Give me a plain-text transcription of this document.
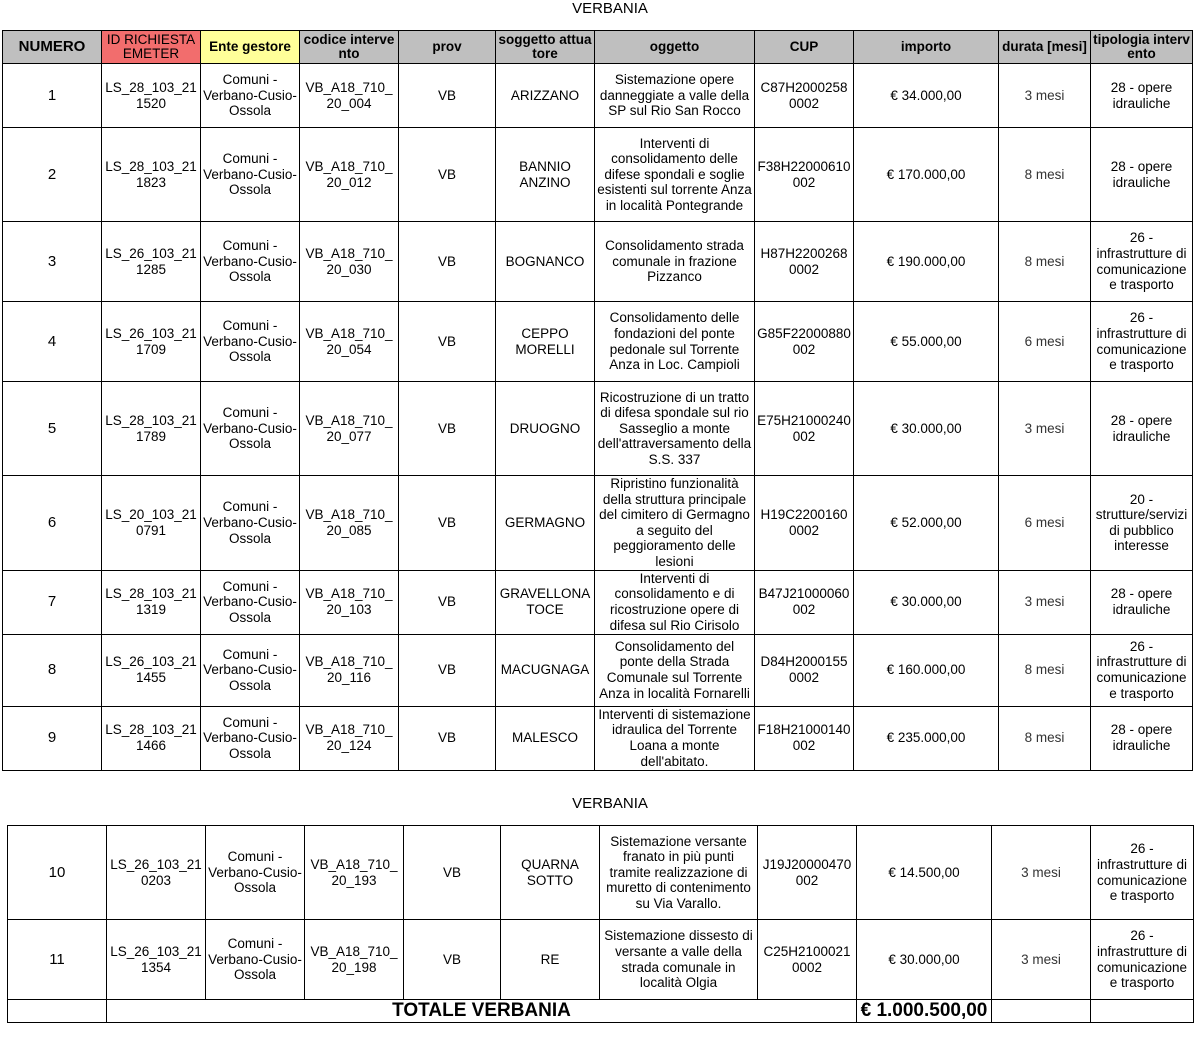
VERBANIA
NUMERO	ID RICHIESTA EMETER	Ente gestore	codice intervento	prov	soggetto attuatore	oggetto	CUP	importo	durata [mesi]	tipologia intervento
1	LS_28_103_211520	Comuni - Verbano-Cusio-Ossola	VB_A18_710_20_004	VB	ARIZZANO	Sistemazione opere danneggiate a valle della SP sul Rio San Rocco	C87H20002580002	€ 34.000,00	3 mesi	28 - opere idrauliche
2	LS_28_103_211823	Comuni - Verbano-Cusio-Ossola	VB_A18_710_20_012	VB	BANNIO ANZINO	Interventi di consolidamento delle difese spondali e soglie esistenti sul torrente Anza in località Pontegrande	F38H22000610002	€ 170.000,00	8 mesi	28 - opere idrauliche
3	LS_26_103_211285	Comuni - Verbano-Cusio-Ossola	VB_A18_710_20_030	VB	BOGNANCO	Consolidamento strada comunale in frazione Pizzanco	H87H22002680002	€ 190.000,00	8 mesi	26 - infrastrutture di comunicazione e trasporto
4	LS_26_103_211709	Comuni - Verbano-Cusio-Ossola	VB_A18_710_20_054	VB	CEPPO MORELLI	Consolidamento delle fondazioni del ponte pedonale sul Torrente Anza in Loc. Campioli	G85F22000880002	€ 55.000,00	6 mesi	26 - infrastrutture di comunicazione e trasporto
5	LS_28_103_211789	Comuni - Verbano-Cusio-Ossola	VB_A18_710_20_077	VB	DRUOGNO	Ricostruzione di un tratto di difesa spondale sul rio Sasseglio a monte dell'attraversamento della S.S. 337	E75H21000240002	€ 30.000,00	3 mesi	28 - opere idrauliche
6	LS_20_103_210791	Comuni - Verbano-Cusio-Ossola	VB_A18_710_20_085	VB	GERMAGNO	Ripristino funzionalità della struttura principale del cimitero di Germagno a seguito del peggioramento delle lesioni	H19C22001600002	€ 52.000,00	6 mesi	20 - strutture/servizi di pubblico interesse
7	LS_28_103_211319	Comuni - Verbano-Cusio-Ossola	VB_A18_710_20_103	VB	GRAVELLONA TOCE	Interventi di consolidamento e di ricostruzione opere di difesa sul Rio Cirisolo	B47J21000060002	€ 30.000,00	3 mesi	28 - opere idrauliche
8	LS_26_103_211455	Comuni - Verbano-Cusio-Ossola	VB_A18_710_20_116	VB	MACUGNAGA	Consolidamento del ponte della Strada Comunale sul Torrente Anza in località Fornarelli	D84H20001550002	€ 160.000,00	8 mesi	26 - infrastrutture di comunicazione e trasporto
9	LS_28_103_211466	Comuni - Verbano-Cusio-Ossola	VB_A18_710_20_124	VB	MALESCO	Interventi di sistemazione idraulica del Torrente Loana a monte dell'abitato.	F18H21000140002	€ 235.000,00	8 mesi	28 - opere idrauliche
VERBANIA
10	LS_26_103_210203	Comuni - Verbano-Cusio-Ossola	VB_A18_710_20_193	VB	QUARNA SOTTO	Sistemazione versante franato in più punti tramite realizzazione di muretto di contenimento su Via Varallo.	J19J20000470002	€ 14.500,00	3 mesi	26 - infrastrutture di comunicazione e trasporto
11	LS_26_103_211354	Comuni - Verbano-Cusio-Ossola	VB_A18_710_20_198	VB	RE	Sistemazione dissesto di versante a valle della strada comunale in località Olgia	C25H21000210002	€ 30.000,00	3 mesi	26 - infrastrutture di comunicazione e trasporto
	TOTALE VERBANIA							€ 1.000.500,00		
